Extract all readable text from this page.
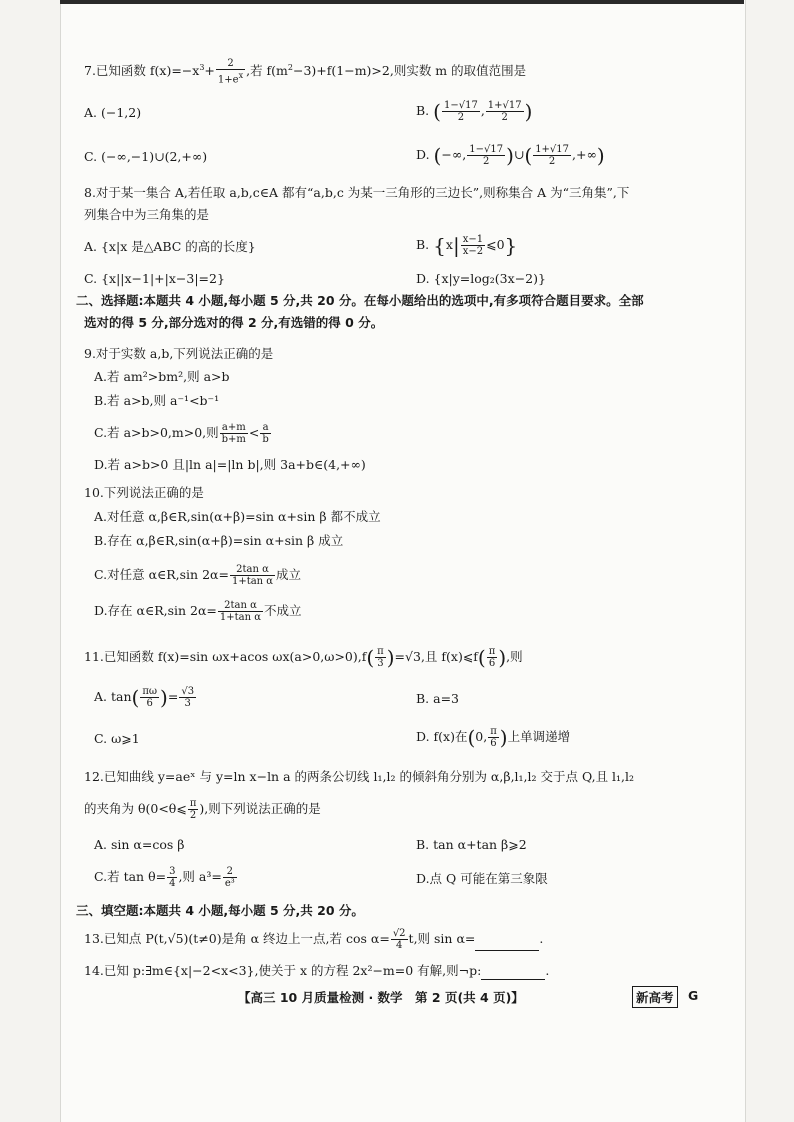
7.已知函数 $f(x)=-x^3+ \frac{2}{1+e^x}$ ,若 $f(m^2-3)+f(1-m)>2$,则实数 m 的取值范围是
A. (−1,2)	B. ( $\frac{1-√17}{2}$ , $\frac{1+√17}{2}$ )
C. (−∞,−1)∪(2,+∞)	D. (−∞, $\frac{1-√17}{2}$ )∪( $\frac{1+√17}{2}$ ,+∞)
8.对于某一集合 A,若任取 a,b,c∈A 都有“a,b,c 为某一三角形的三边长”,则称集合 A 为“三角集”,下
列集合中为三角集的是
A. {x|x 是△ABC 的高的长度}	B. {$x| \frac{x-1}{x-2}$ ⩽0}
C. {x||x−1|+|x−3|=2}	D. {x|y=log₂(3x−2)}
二、选择题:本题共 4 小题,每小题 5 分,共 20 分。在每小题给出的选项中,有多项符合题目要求。全部
选对的得 5 分,部分选对的得 2 分,有选错的得 0 分。
9.对于实数 a,b,下列说法正确的是
A.若 am²>bm²,则 a>b
B.若 a>b,则 a⁻¹<b⁻¹
C.若 a>b>0,m>0,则 $\frac{a+m}{b+m} < \frac{a}{b}$
D.若 a>b>0 且|ln a|=|ln b|,则 3a+b∈(4,+∞)
10.下列说法正确的是
A.对任意 α,β∈R,sin(α+β)=sin α+sin β 都不成立
B.存在 α,β∈R,sin(α+β)=sin α+sin β 成立
C.对任意 α∈R,sin $2\alpha= \frac{\text{2tan α}}{\text{1+tan α}}$ 成立
D.存在 α∈R,sin $2\alpha= \frac{\text{2tan α}}{\text{1+tan α}}$ 不成立
11.已知函数 f(x)=sin ωx+acos $\omega x(a>0,\omega>0),f( \frac{\pi}{3} )=√3$,且 f(x)⩽f( $\frac{\pi}{6}$ ),则
A. $\tan( \frac{\pi\omega}{6}$ )= $\frac{√3}{3}$	B. a=3
C. ω⩾1	D. f(x)在(0, $\frac{\pi}{6}$ )上单调递增
12.已知曲线 y=aeˣ 与 y=ln x−ln a 的两条公切线 l₁,l₂ 的倾斜角分别为 α,β,l₁,l₂ 交于点 Q,且 l₁,l₂
的夹角为 θ(0<θ⩽ $\frac{\pi}{2}$ ),则下列说法正确的是
A. sin α=cos β	B. tan α+tan β⩾2
C.若 $\tan \theta= \frac{3}{4}$ ,则 $a^3= \frac{2}{\text{e³}}$	D.点 Q 可能在第三象限
三、填空题:本题共 4 小题,每小题 5 分,共 20 分。
13.已知点 P(t,√5)(t≠0)是角 α 终边上一点,若 $\cos \alpha= \frac{√2}{4} t$,则 sin α=	.
14.已知 p:∃m∈{x|−2<x<3},使关于 x 的方程 2x²−m=0 有解,则¬p:	.
【高三 10 月质量检测 · 数学　第 2 页(共 4 页)】	新高考	G
